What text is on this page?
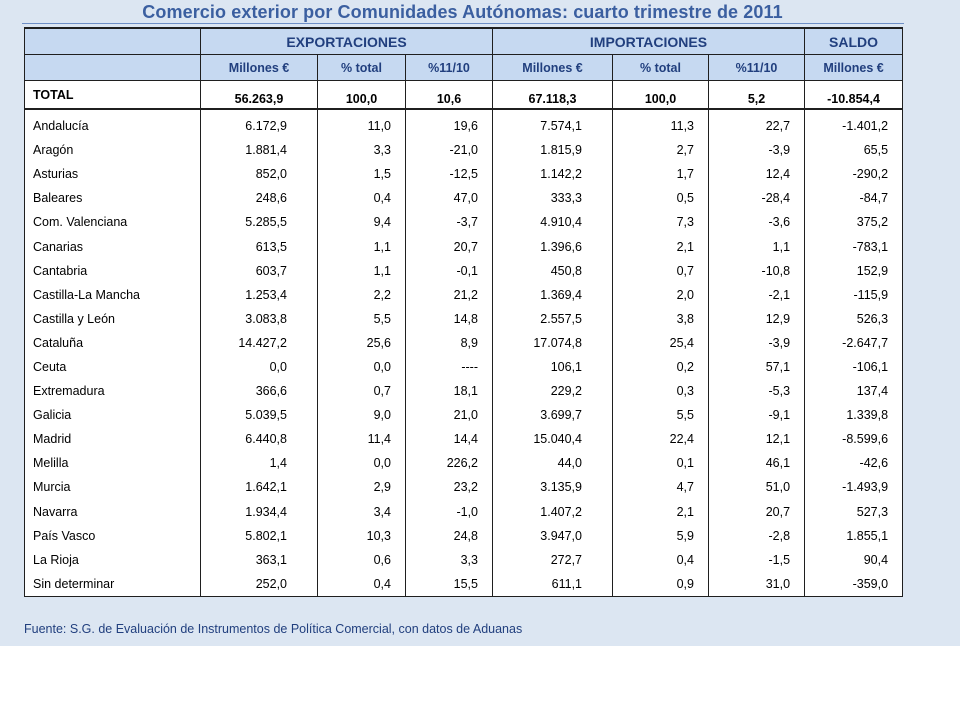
Comercio exterior por Comunidades Autónomas: cuarto trimestre de 2011
	EXPORTACIONES			IMPORTACIONES			SALDO
	Millones €	% total	%11/10	Millones €	% total	%11/10	Millones €
TOTAL	56.263,9	100,0	10,6	67.118,3	100,0	5,2	-10.854,4

Andalucía	6.172,9	11,0	19,6	7.574,1	11,3	22,7	-1.401,2
Aragón	1.881,4	3,3	-21,0	1.815,9	2,7	-3,9	65,5
Asturias	852,0	1,5	-12,5	1.142,2	1,7	12,4	-290,2
Baleares	248,6	0,4	47,0	333,3	0,5	-28,4	-84,7
Com. Valenciana	5.285,5	9,4	-3,7	4.910,4	7,3	-3,6	375,2
Canarias	613,5	1,1	20,7	1.396,6	2,1	1,1	-783,1
Cantabria	603,7	1,1	-0,1	450,8	0,7	-10,8	152,9
Castilla-La Mancha	1.253,4	2,2	21,2	1.369,4	2,0	-2,1	-115,9
Castilla y León	3.083,8	5,5	14,8	2.557,5	3,8	12,9	526,3
Cataluña	14.427,2	25,6	8,9	17.074,8	25,4	-3,9	-2.647,7
Ceuta	0,0	0,0	----	106,1	0,2	57,1	-106,1
Extremadura	366,6	0,7	18,1	229,2	0,3	-5,3	137,4
Galicia	5.039,5	9,0	21,0	3.699,7	5,5	-9,1	1.339,8
Madrid	6.440,8	11,4	14,4	15.040,4	22,4	12,1	-8.599,6
Melilla	1,4	0,0	226,2	44,0	0,1	46,1	-42,6
Murcia	1.642,1	2,9	23,2	3.135,9	4,7	51,0	-1.493,9
Navarra	1.934,4	3,4	-1,0	1.407,2	2,1	20,7	527,3
País Vasco	5.802,1	10,3	24,8	3.947,0	5,9	-2,8	1.855,1
La Rioja	363,1	0,6	3,3	272,7	0,4	-1,5	90,4
Sin determinar	252,0	0,4	15,5	611,1	0,9	31,0	-359,0
Fuente: S.G. de Evaluación de Instrumentos de Política Comercial, con datos de Aduanas
